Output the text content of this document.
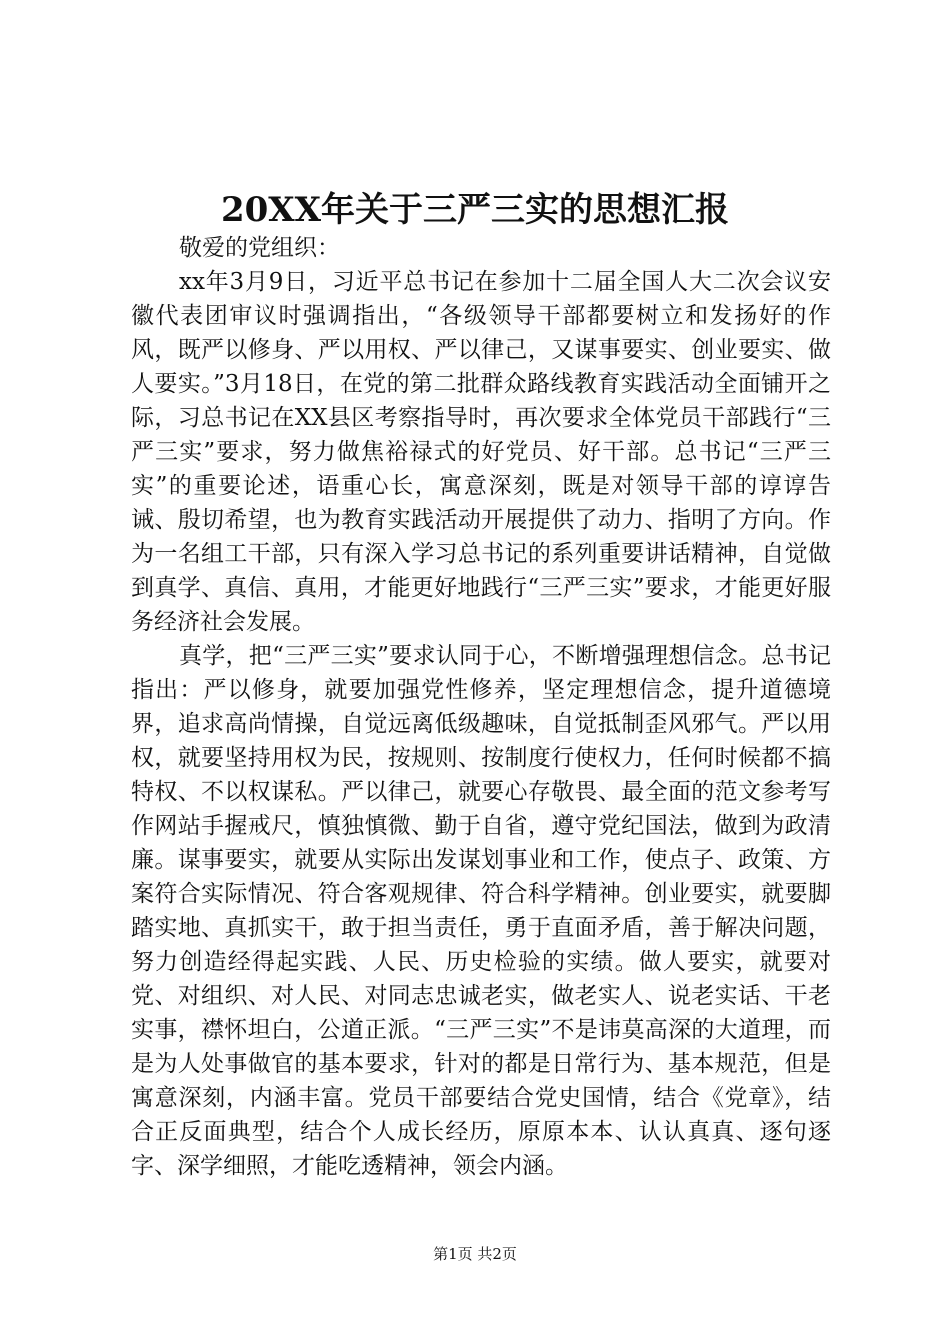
20XX年关于三严三实的思想汇报

敬爱的党组织：

xx年3月9日，习近平总书记在参加十二届全国人大二次会议安徽代表团审议时强调指出，“各级领导干部都要树立和发扬好的作风，既严以修身、严以用权、严以律己，又谋事要实、创业要实、做人要实。”3月18日，在党的第二批群众路线教育实践活动全面铺开之际，习总书记在XX县区考察指导时，再次要求全体党员干部践行“三严三实”要求，努力做焦裕禄式的好党员、好干部。总书记“三严三实”的重要论述，语重心长，寓意深刻，既是对领导干部的谆谆告诫、殷切希望，也为教育实践活动开展提供了动力、指明了方向。作为一名组工干部，只有深入学习总书记的系列重要讲话精神，自觉做到真学、真信、真用，才能更好地践行“三严三实”要求，才能更好服务经济社会发展。

真学，把“三严三实”要求认同于心，不断增强理想信念。总书记指出：严以修身，就要加强党性修养，坚定理想信念，提升道德境界，追求高尚情操，自觉远离低级趣味，自觉抵制歪风邪气。严以用权，就要坚持用权为民，按规则、按制度行使权力，任何时候都不搞特权、不以权谋私。严以律己，就要心存敬畏、最全面的范文参考写作网站手握戒尺，慎独慎微、勤于自省，遵守党纪国法，做到为政清廉。谋事要实，就要从实际出发谋划事业和工作，使点子、政策、方案符合实际情况、符合客观规律、符合科学精神。创业要实，就要脚踏实地、真抓实干，敢于担当责任，勇于直面矛盾，善于解决问题，努力创造经得起实践、人民、历史检验的实绩。做人要实，就要对党、对组织、对人民、对同志忠诚老实，做老实人、说老实话、干老实事，襟怀坦白，公道正派。“三严三实”不是讳莫高深的大道理，而是为人处事做官的基本要求，针对的都是日常行为、基本规范，但是寓意深刻，内涵丰富。党员干部要结合党史国情，结合《党章》，结合正反面典型，结合个人成长经历，原原本本、认认真真、逐句逐字、深学细照，才能吃透精神，领会内涵。

第1页 共2页
